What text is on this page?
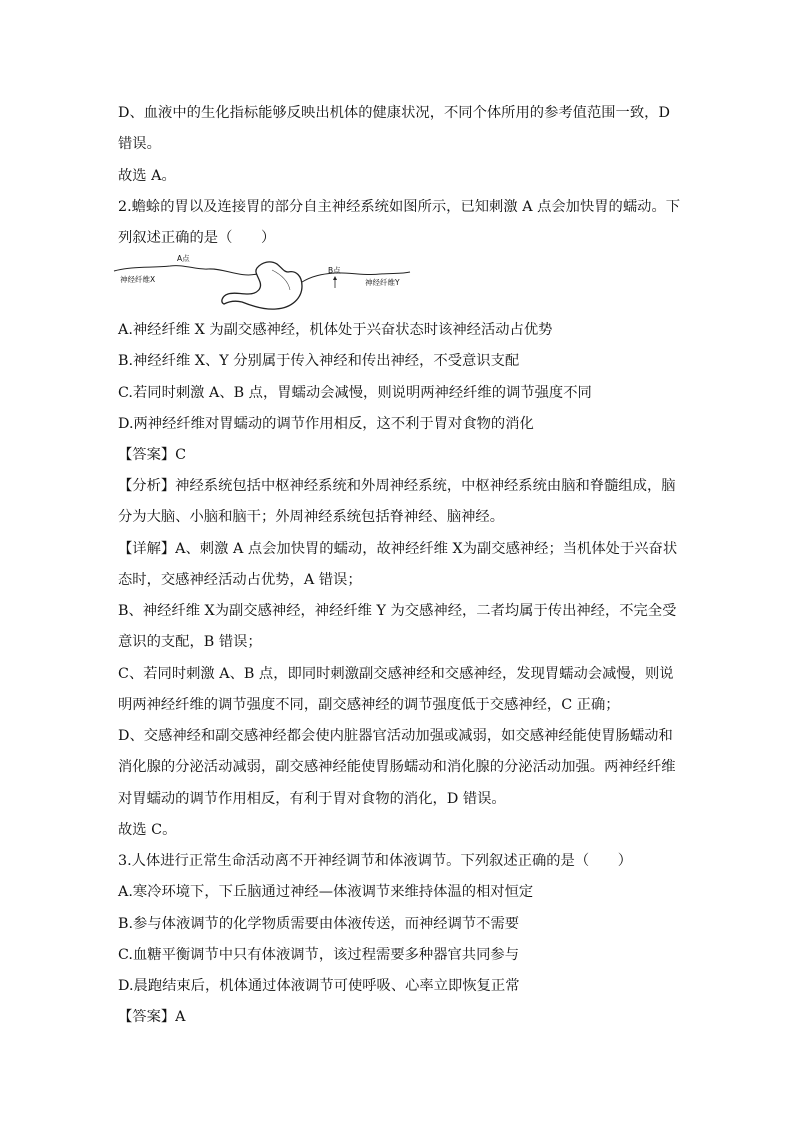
D、血液中的生化指标能够反映出机体的健康状况，不同个体所用的参考值范围一致，D
错误。
故选 A。
2.蟾蜍的胃以及连接胃的部分自主神经系统如图所示，已知刺激 A 点会加快胃的蠕动。下
列叙述正确的是（　　）
神经纤维X
A点
B点
神经纤维Y
A.神经纤维 X 为副交感神经，机体处于兴奋状态时该神经活动占优势
B.神经纤维 X、Y 分别属于传入神经和传出神经，不受意识支配
C.若同时刺激 A、B 点，胃蠕动会减慢，则说明两神经纤维的调节强度不同
D.两神经纤维对胃蠕动的调节作用相反，这不利于胃对食物的消化
【答案】C
【分析】神经系统包括中枢神经系统和外周神经系统，中枢神经系统由脑和脊髓组成，脑
分为大脑、小脑和脑干；外周神经系统包括脊神经、脑神经。
【详解】A、刺激 A 点会加快胃的蠕动，故神经纤维 X为副交感神经；当机体处于兴奋状
态时，交感神经活动占优势，A 错误；
B、神经纤维 X为副交感神经，神经纤维 Y 为交感神经，二者均属于传出神经，不完全受
意识的支配，B 错误；
C、若同时刺激 A、B 点，即同时刺激副交感神经和交感神经，发现胃蠕动会减慢，则说
明两神经纤维的调节强度不同，副交感神经的调节强度低于交感神经，C 正确；
D、交感神经和副交感神经都会使内脏器官活动加强或减弱，如交感神经能使胃肠蠕动和
消化腺的分泌活动减弱，副交感神经能使胃肠蠕动和消化腺的分泌活动加强。两神经纤维
对胃蠕动的调节作用相反，有利于胃对食物的消化，D 错误。
故选 C。
3.人体进行正常生命活动离不开神经调节和体液调节。下列叙述正确的是（　　）
A.寒冷环境下，下丘脑通过神经—体液调节来维持体温的相对恒定
B.参与体液调节的化学物质需要由体液传送，而神经调节不需要
C.血糖平衡调节中只有体液调节，该过程需要多种器官共同参与
D.晨跑结束后，机体通过体液调节可使呼吸、心率立即恢复正常
【答案】A
